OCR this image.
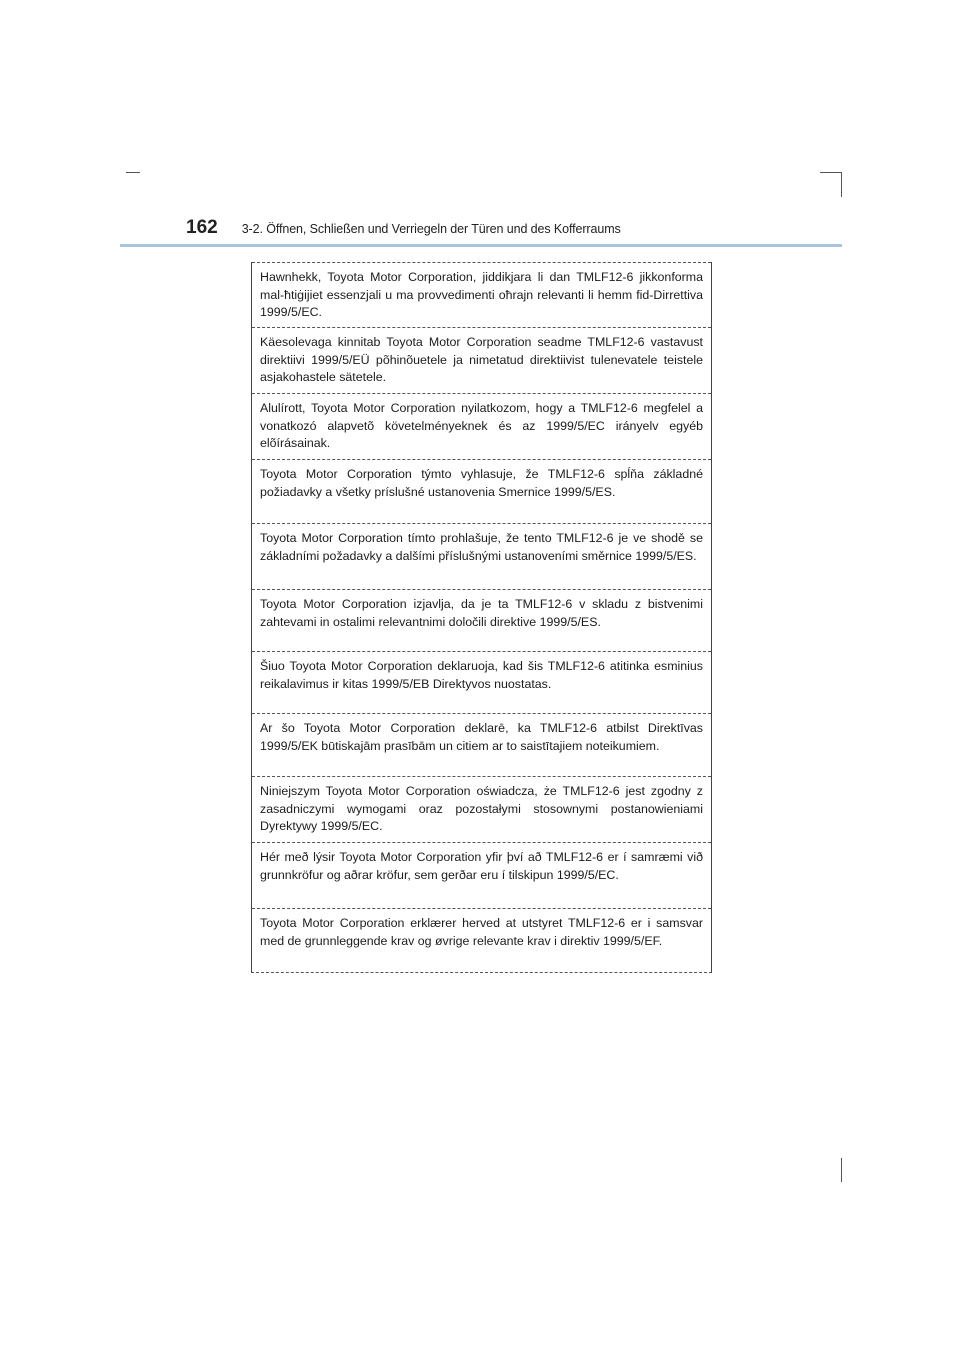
162 3-2. Öffnen, Schließen und Verriegeln der Türen und des Kofferraums

Hawnhekk, Toyota Motor Corporation, jiddikjara li dan TMLF12-6 jikkonforma mal-ħtiġijiet essenzjali u ma provvedimenti oħrajn relevanti li hemm fid-Dirrettiva 1999/5/EC.

Käesolevaga kinnitab Toyota Motor Corporation seadme TMLF12-6 vastavust direktiivi 1999/5/EÜ põhinõuetele ja nimetatud direktiivist tulenevatele teistele asjakohastele sätetele.

Alulírott, Toyota Motor Corporation nyilatkozom, hogy a TMLF12-6 megfelel a vonatkozó alapvetõ követelményeknek és az 1999/5/EC irányelv egyéb elõírásainak.

Toyota Motor Corporation týmto vyhlasuje, že TMLF12-6 spĺňa základné požiadavky a všetky príslušné ustanovenia Smernice 1999/5/ES.

Toyota Motor Corporation tímto prohlašuje, že tento TMLF12-6 je ve shodě se základními požadavky a dalšími příslušnými ustanoveními směrnice 1999/5/ES.

Toyota Motor Corporation izjavlja, da je ta TMLF12-6 v skladu z bistvenimi zahtevami in ostalimi relevantnimi določili direktive 1999/5/ES.

Šiuo Toyota Motor Corporation deklaruoja, kad šis TMLF12-6 atitinka esminius reikalavimus ir kitas 1999/5/EB Direktyvos nuostatas.

Ar šo Toyota Motor Corporation deklarē, ka TMLF12-6 atbilst Direktīvas 1999/5/EK būtiskajām prasībām un citiem ar to saistītajiem noteikumiem.

Niniejszym Toyota Motor Corporation oświadcza, że TMLF12-6 jest zgodny z zasadniczymi wymogami oraz pozostałymi stosownymi postanowieniami Dyrektywy 1999/5/EC.

Hér með lýsir Toyota Motor Corporation yfir því að TMLF12-6 er í samræmi við grunnkröfur og aðrar kröfur, sem gerðar eru í tilskipun 1999/5/EC.

Toyota Motor Corporation erklærer herved at utstyret TMLF12-6 er i samsvar med de grunnleggende krav og øvrige relevante krav i direktiv 1999/5/EF.
